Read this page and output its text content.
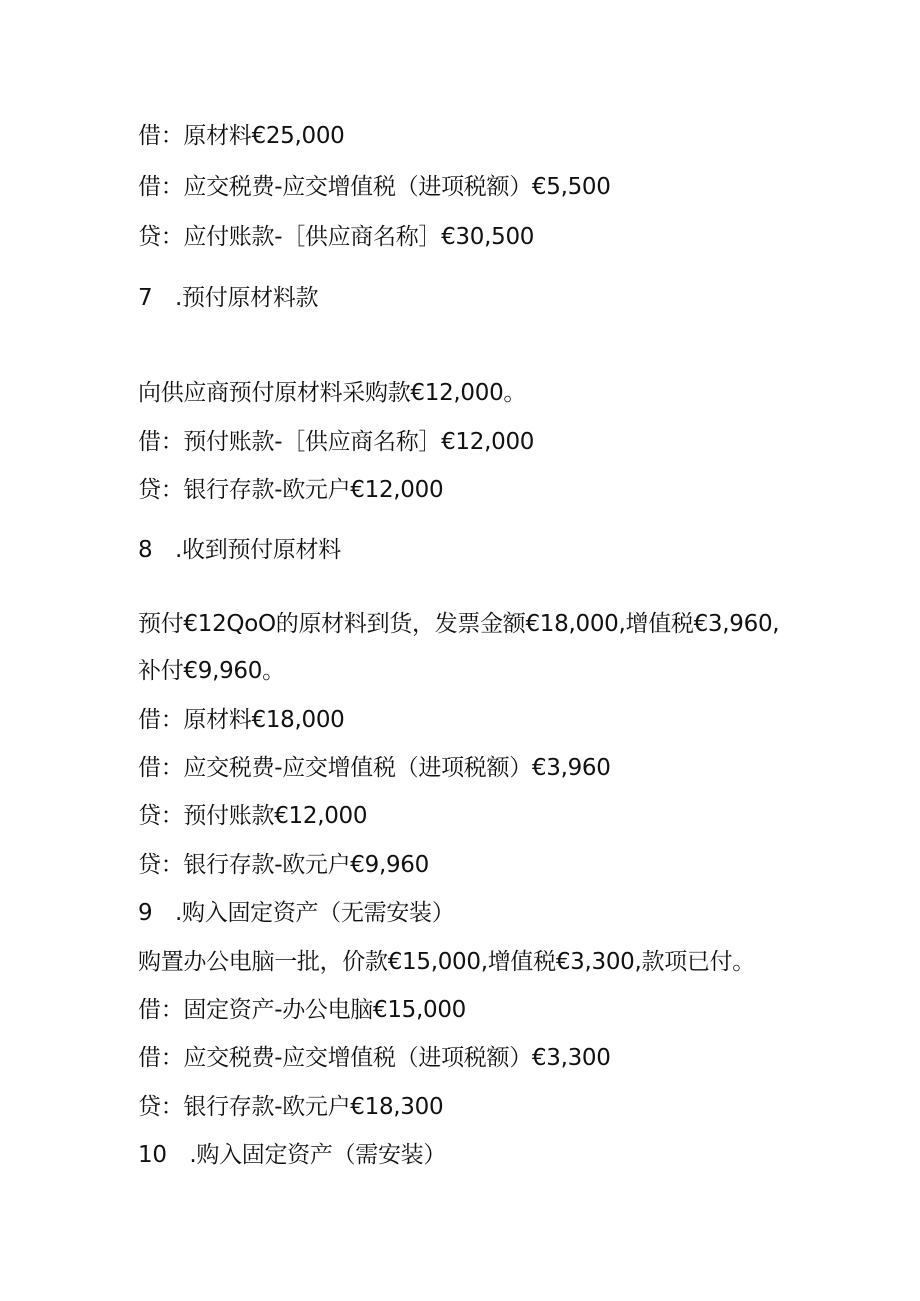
借：原材料€25,000
借：应交税费-应交增值税（进项税额）€5,500
贷：应付账款-［供应商名称］€30,500
7　.预付原材料款
向供应商预付原材料采购款€12,000。
借：预付账款-［供应商名称］€12,000
贷：银行存款-欧元户€12,000
8　.收到预付原材料
预付€12QoO的原材料到货，发票金额€18,000,增值税€3,960,
补付€9,960。
借：原材料€18,000
借：应交税费-应交增值税（进项税额）€3,960
贷：预付账款€12,000
贷：银行存款-欧元户€9,960
9　.购入固定资产（无需安装）
购置办公电脑一批，价款€15,000,增值税€3,300,款项已付。
借：固定资产-办公电脑€15,000
借：应交税费-应交增值税（进项税额）€3,300
贷：银行存款-欧元户€18,300
10　.购入固定资产（需安装）
